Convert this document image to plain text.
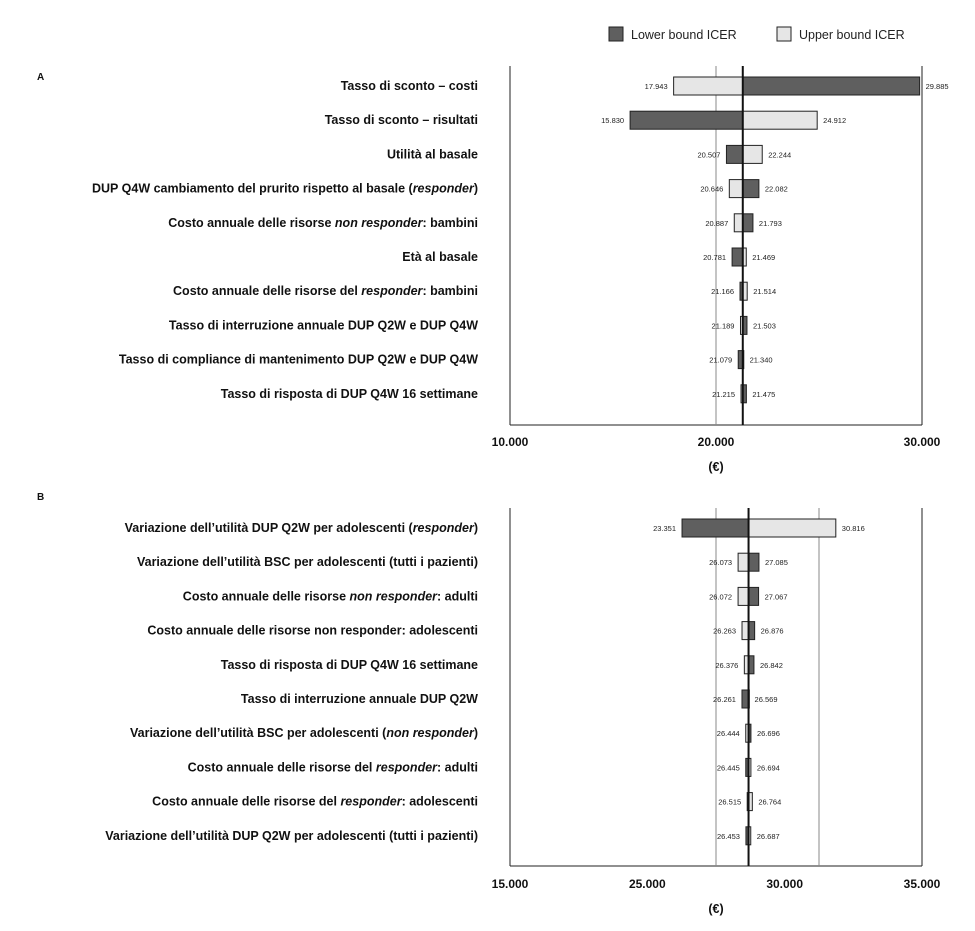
Lower bound ICER	Upper bound ICER
A
29.885
17.943
15.830	24.912
20.507	22.244
22.082
20.646
21.793
20.887
20.781	21.469
21.166	21.514
21.503
21.189
21.079 21.340
21.475
21.215
Tasso di sconto – costi
Tasso di sconto – risultati
Utilità al basale
DUP Q4W cambiamento del prurito rispetto al basale (responder)
Costo annuale delle risorse non responder: bambini
Età al basale
Costo annuale delle risorse del responder: bambini
Tasso di interruzione annuale DUP Q2W e DUP Q4W
Tasso di compliance di mantenimento DUP Q2W e DUP Q4W
Tasso di risposta di DUP Q4W 16 settimane
10.000	20.000	30.000
(€)
B
23.351	30.816
27.085
26.073
27.067
26.072
26.876
26.263
26.842
26.376
26.261 26.569
26.696
26.444
26.445 26.694
26.515 26.764
26.453 26.687
Variazione dell’utilità DUP Q2W per adolescenti (responder)
Variazione dell’utilità BSC per adolescenti (tutti i pazienti)
Costo annuale delle risorse non responder: adulti
Costo annuale delle risorse non responder: adolescenti
Tasso di risposta di DUP Q4W 16 settimane
Tasso di interruzione annuale DUP Q2W
Variazione dell’utilità BSC per adolescenti (non responder)
Costo annuale delle risorse del responder: adulti
Costo annuale delle risorse del responder: adolescenti
Variazione dell’utilità DUP Q2W per adolescenti (tutti i pazienti)
15.000	25.000	30.000	35.000
(€)
